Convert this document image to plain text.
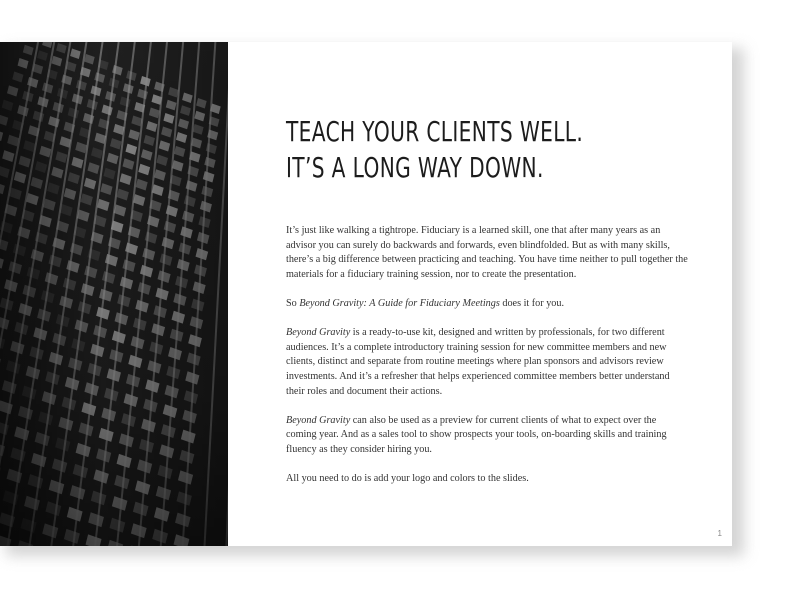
TEACH YOUR CLIENTS WELL.
IT’S A LONG WAY DOWN.

It’s just like walking a tightrope. Fiduciary is a learned skill, one that after many years as an advisor you can surely do backwards and forwards, even blindfolded. But as with many skills, there’s a big difference between practicing and teaching. You have time neither to pull together the materials for a fiduciary training session, nor to create the presentation.

So Beyond Gravity: A Guide for Fiduciary Meetings does it for you.

Beyond Gravity is a ready-to-use kit, designed and written by professionals, for two different audiences. It’s a complete introductory training session for new committee members and new clients, distinct and separate from routine meetings where plan sponsors and advisors review investments. And it’s a refresher that helps experienced committee members better understand their roles and document their actions.

Beyond Gravity can also be used as a preview for current clients of what to expect over the coming year. And as a sales tool to show prospects your tools, on-boarding skills and training fluency as they consider hiring you.

All you need to do is add your logo and colors to the slides.

1
